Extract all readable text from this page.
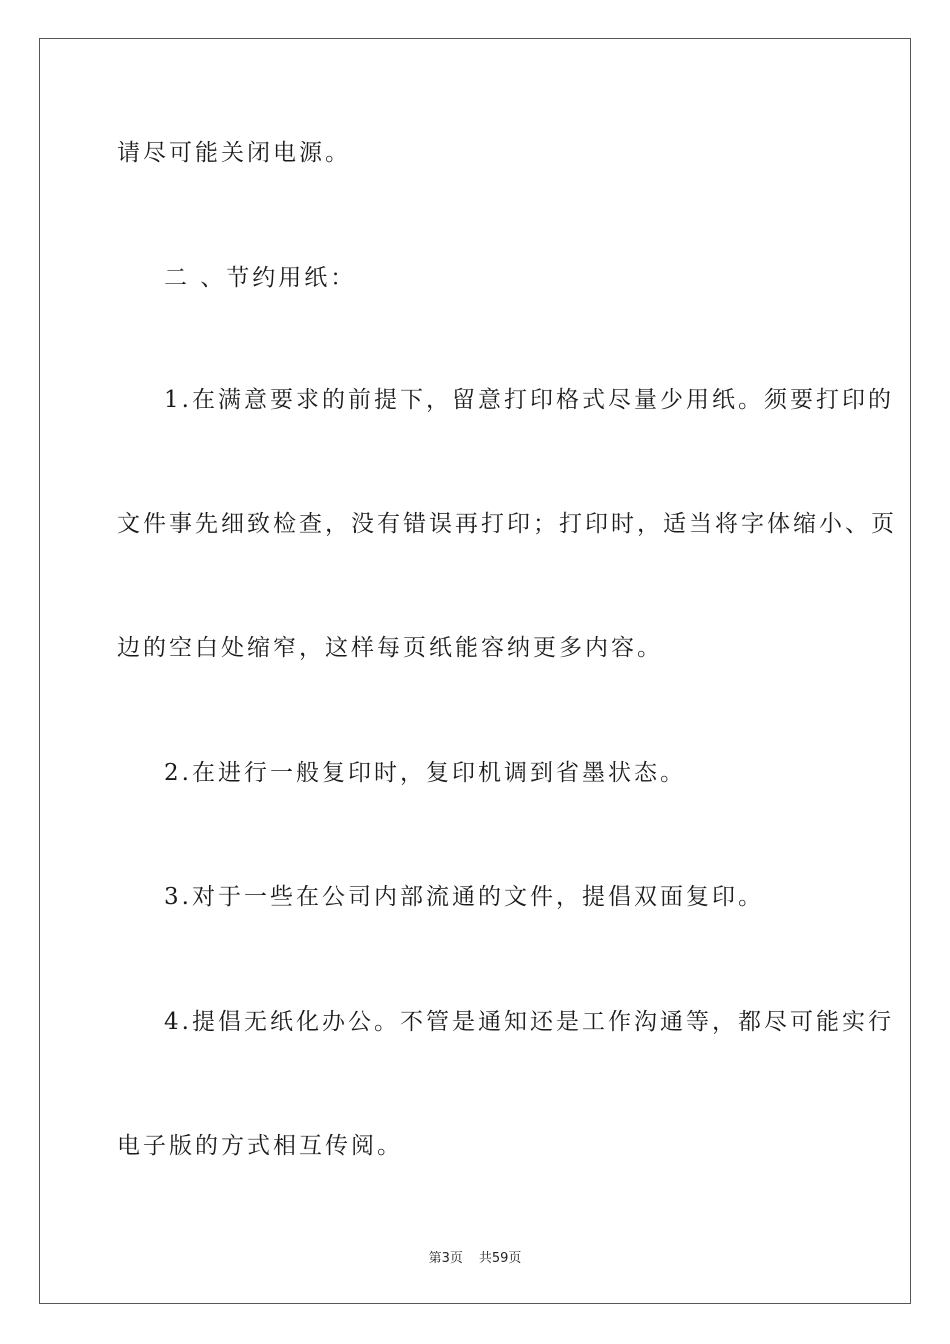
请尽可能关闭电源。
二 、节约用纸：
1.在满意要求的前提下，留意打印格式尽量少用纸。须要打印的
文件事先细致检查，没有错误再打印；打印时，适当将字体缩小、页
边的空白处缩窄，这样每页纸能容纳更多内容。
2.在进行一般复印时，复印机调到省墨状态。
3.对于一些在公司内部流通的文件，提倡双面复印。
4.提倡无纸化办公。不管是通知还是工作沟通等，都尽可能实行
电子版的方式相互传阅。
第3页 共59页
